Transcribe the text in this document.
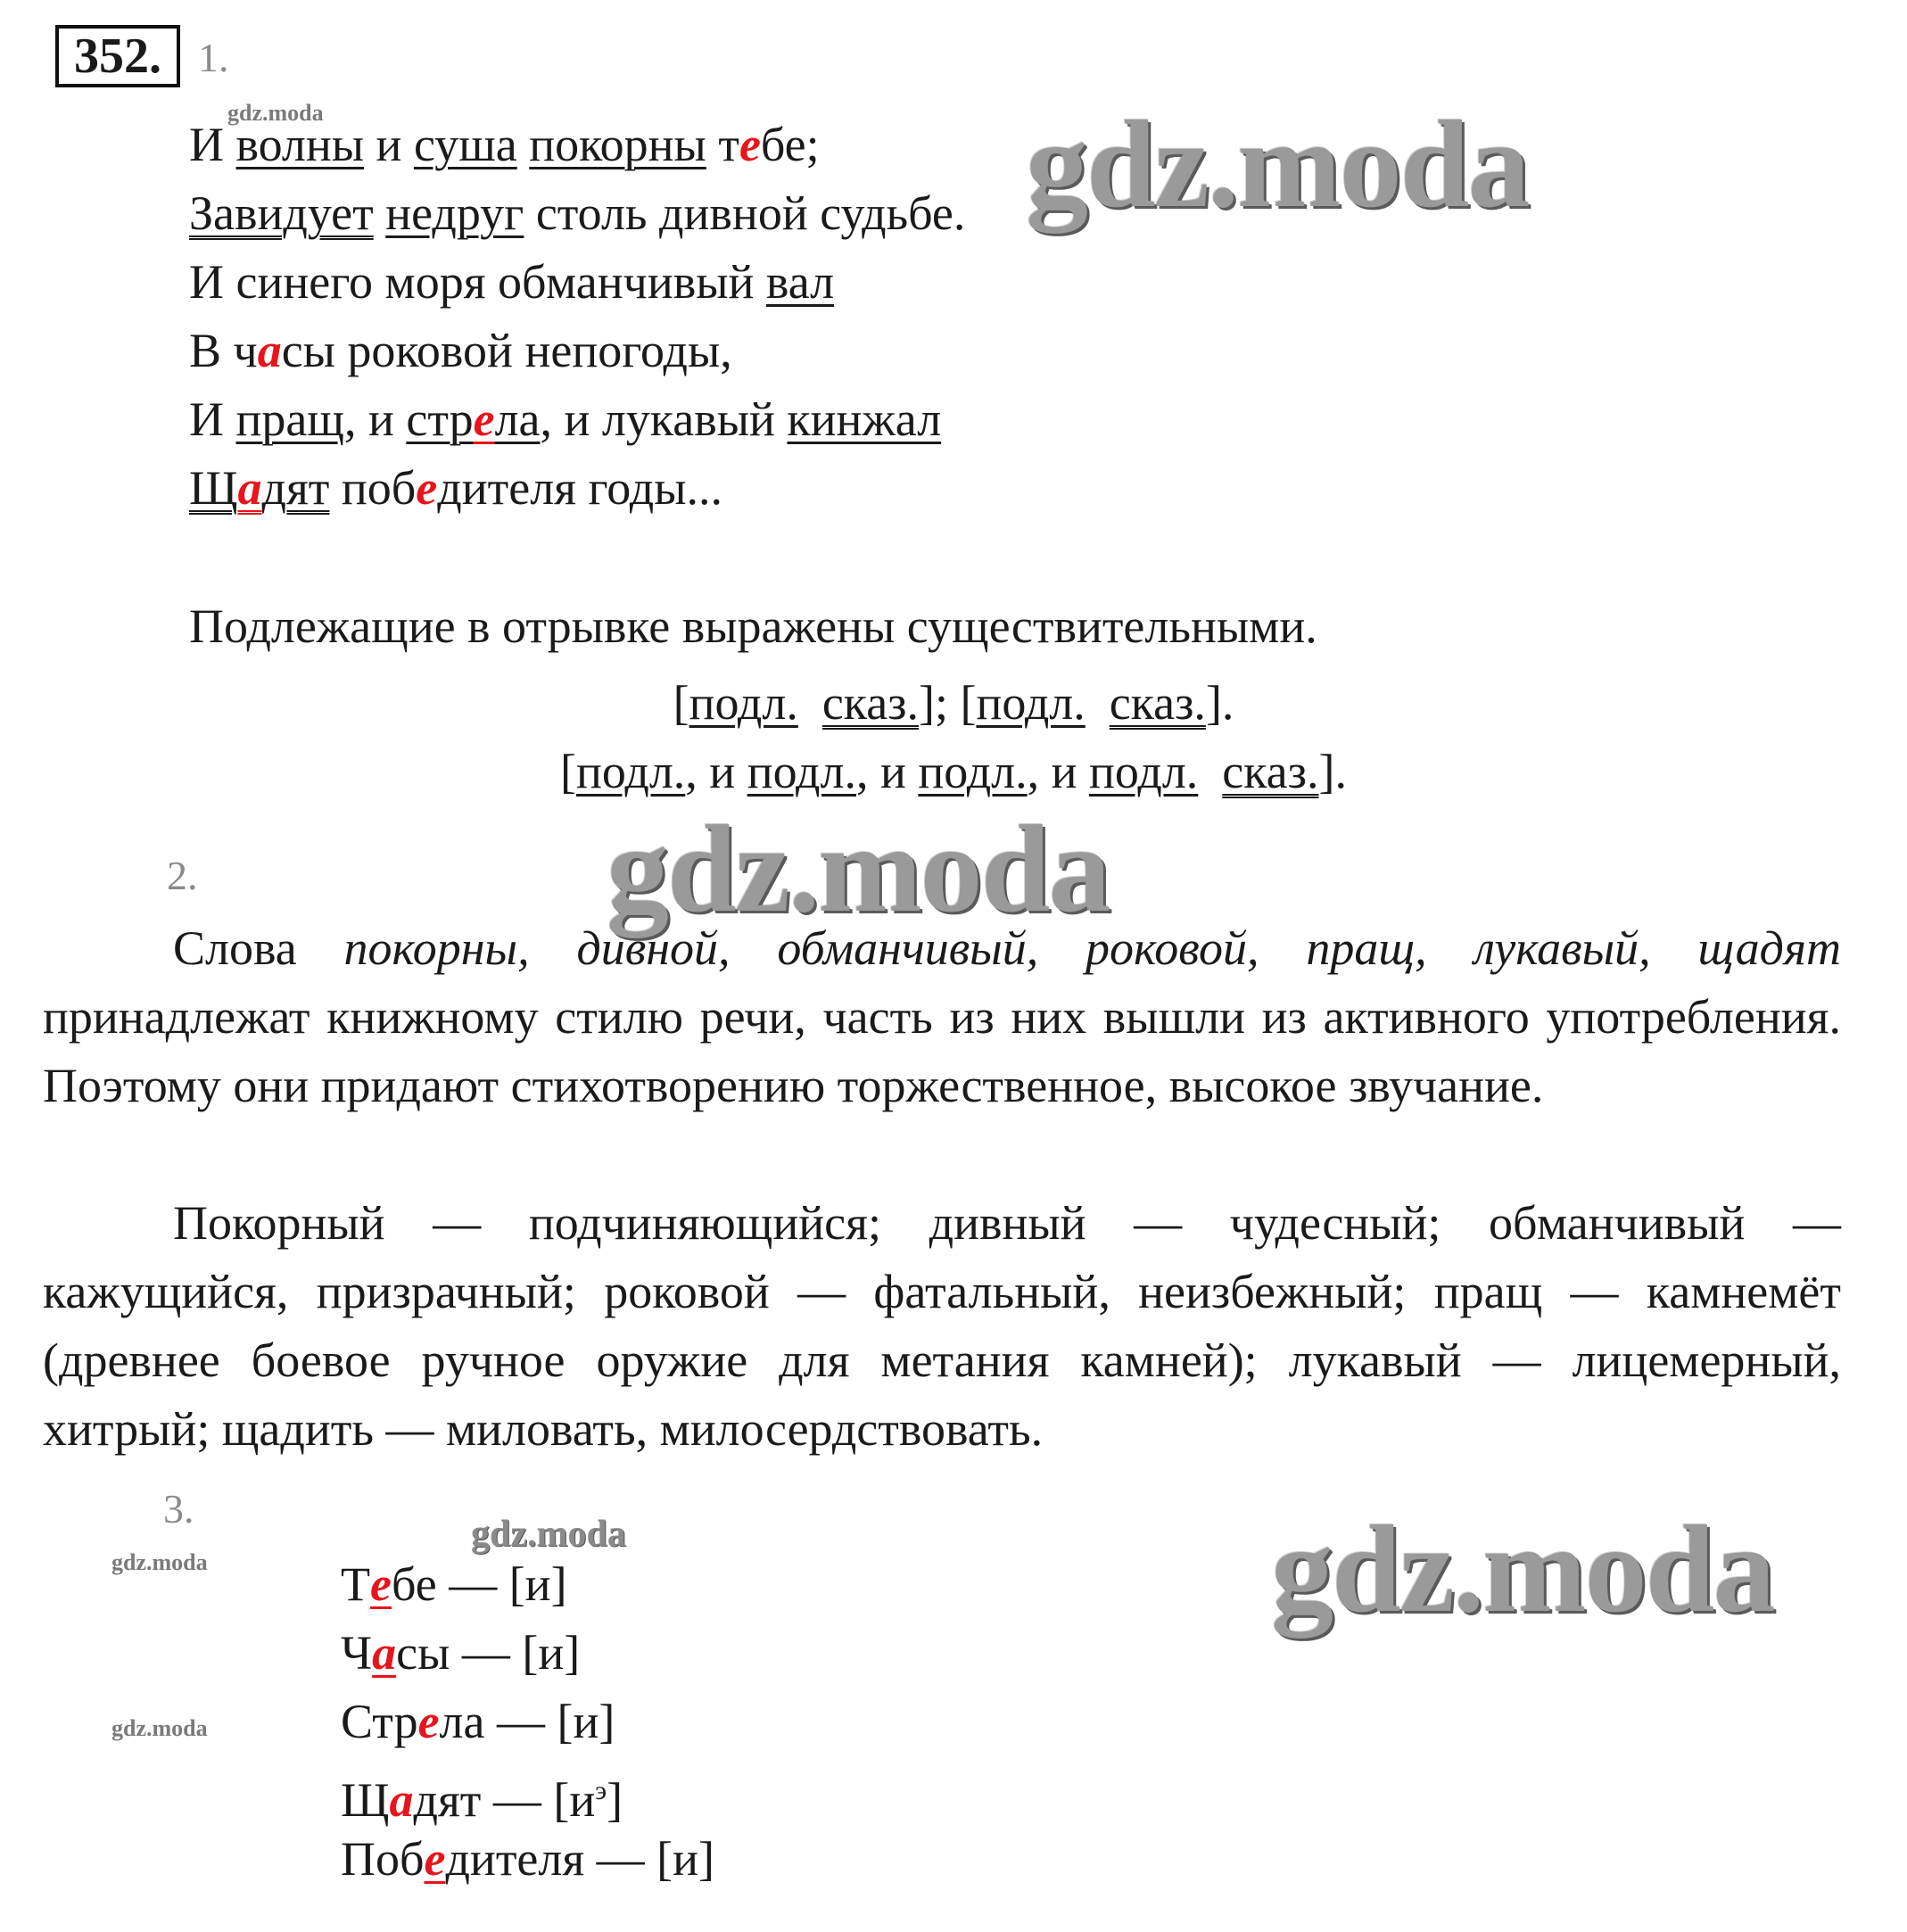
352. 1.
gdz.moda	gdz.moda
gdz.moda
gdz.moda
gdz.moda
gdz.moda
gdz.moda
И волны и суша покорны тебе;
Завидует недруг столь дивной судьбе.
И синего моря обманчивый вал
В часы роковой непогоды,
И пращ, и стрела, и лукавый кинжал
Щадят победителя годы...
Подлежащие в отрывке выражены существительными.
[подл. сказ.]; [подл. сказ.].
[подл., и подл., и подл., и подл. сказ.].
2.
Слова покорны, дивной, обманчивый, роковой, пращ, лукавый, щадят принадлежат книжному стилю речи, часть из них вышли из активного употребления. Поэтому они придают стихотворению торжественное, высокое звучание.
Покорный — подчиняющийся; дивный — чудесный; обманчивый — кажущийся, призрачный; роковой — фатальный, неизбежный; пращ — камнемёт (древнее боевое ручное оружие для метания камней); лукавый — лицемерный, хитрый; щадить — миловать, милосердствовать.
3.
Тебе — [и]
Часы — [и]
Стрела — [и]
Щадят — $[и^э]$
Победителя — [и]
